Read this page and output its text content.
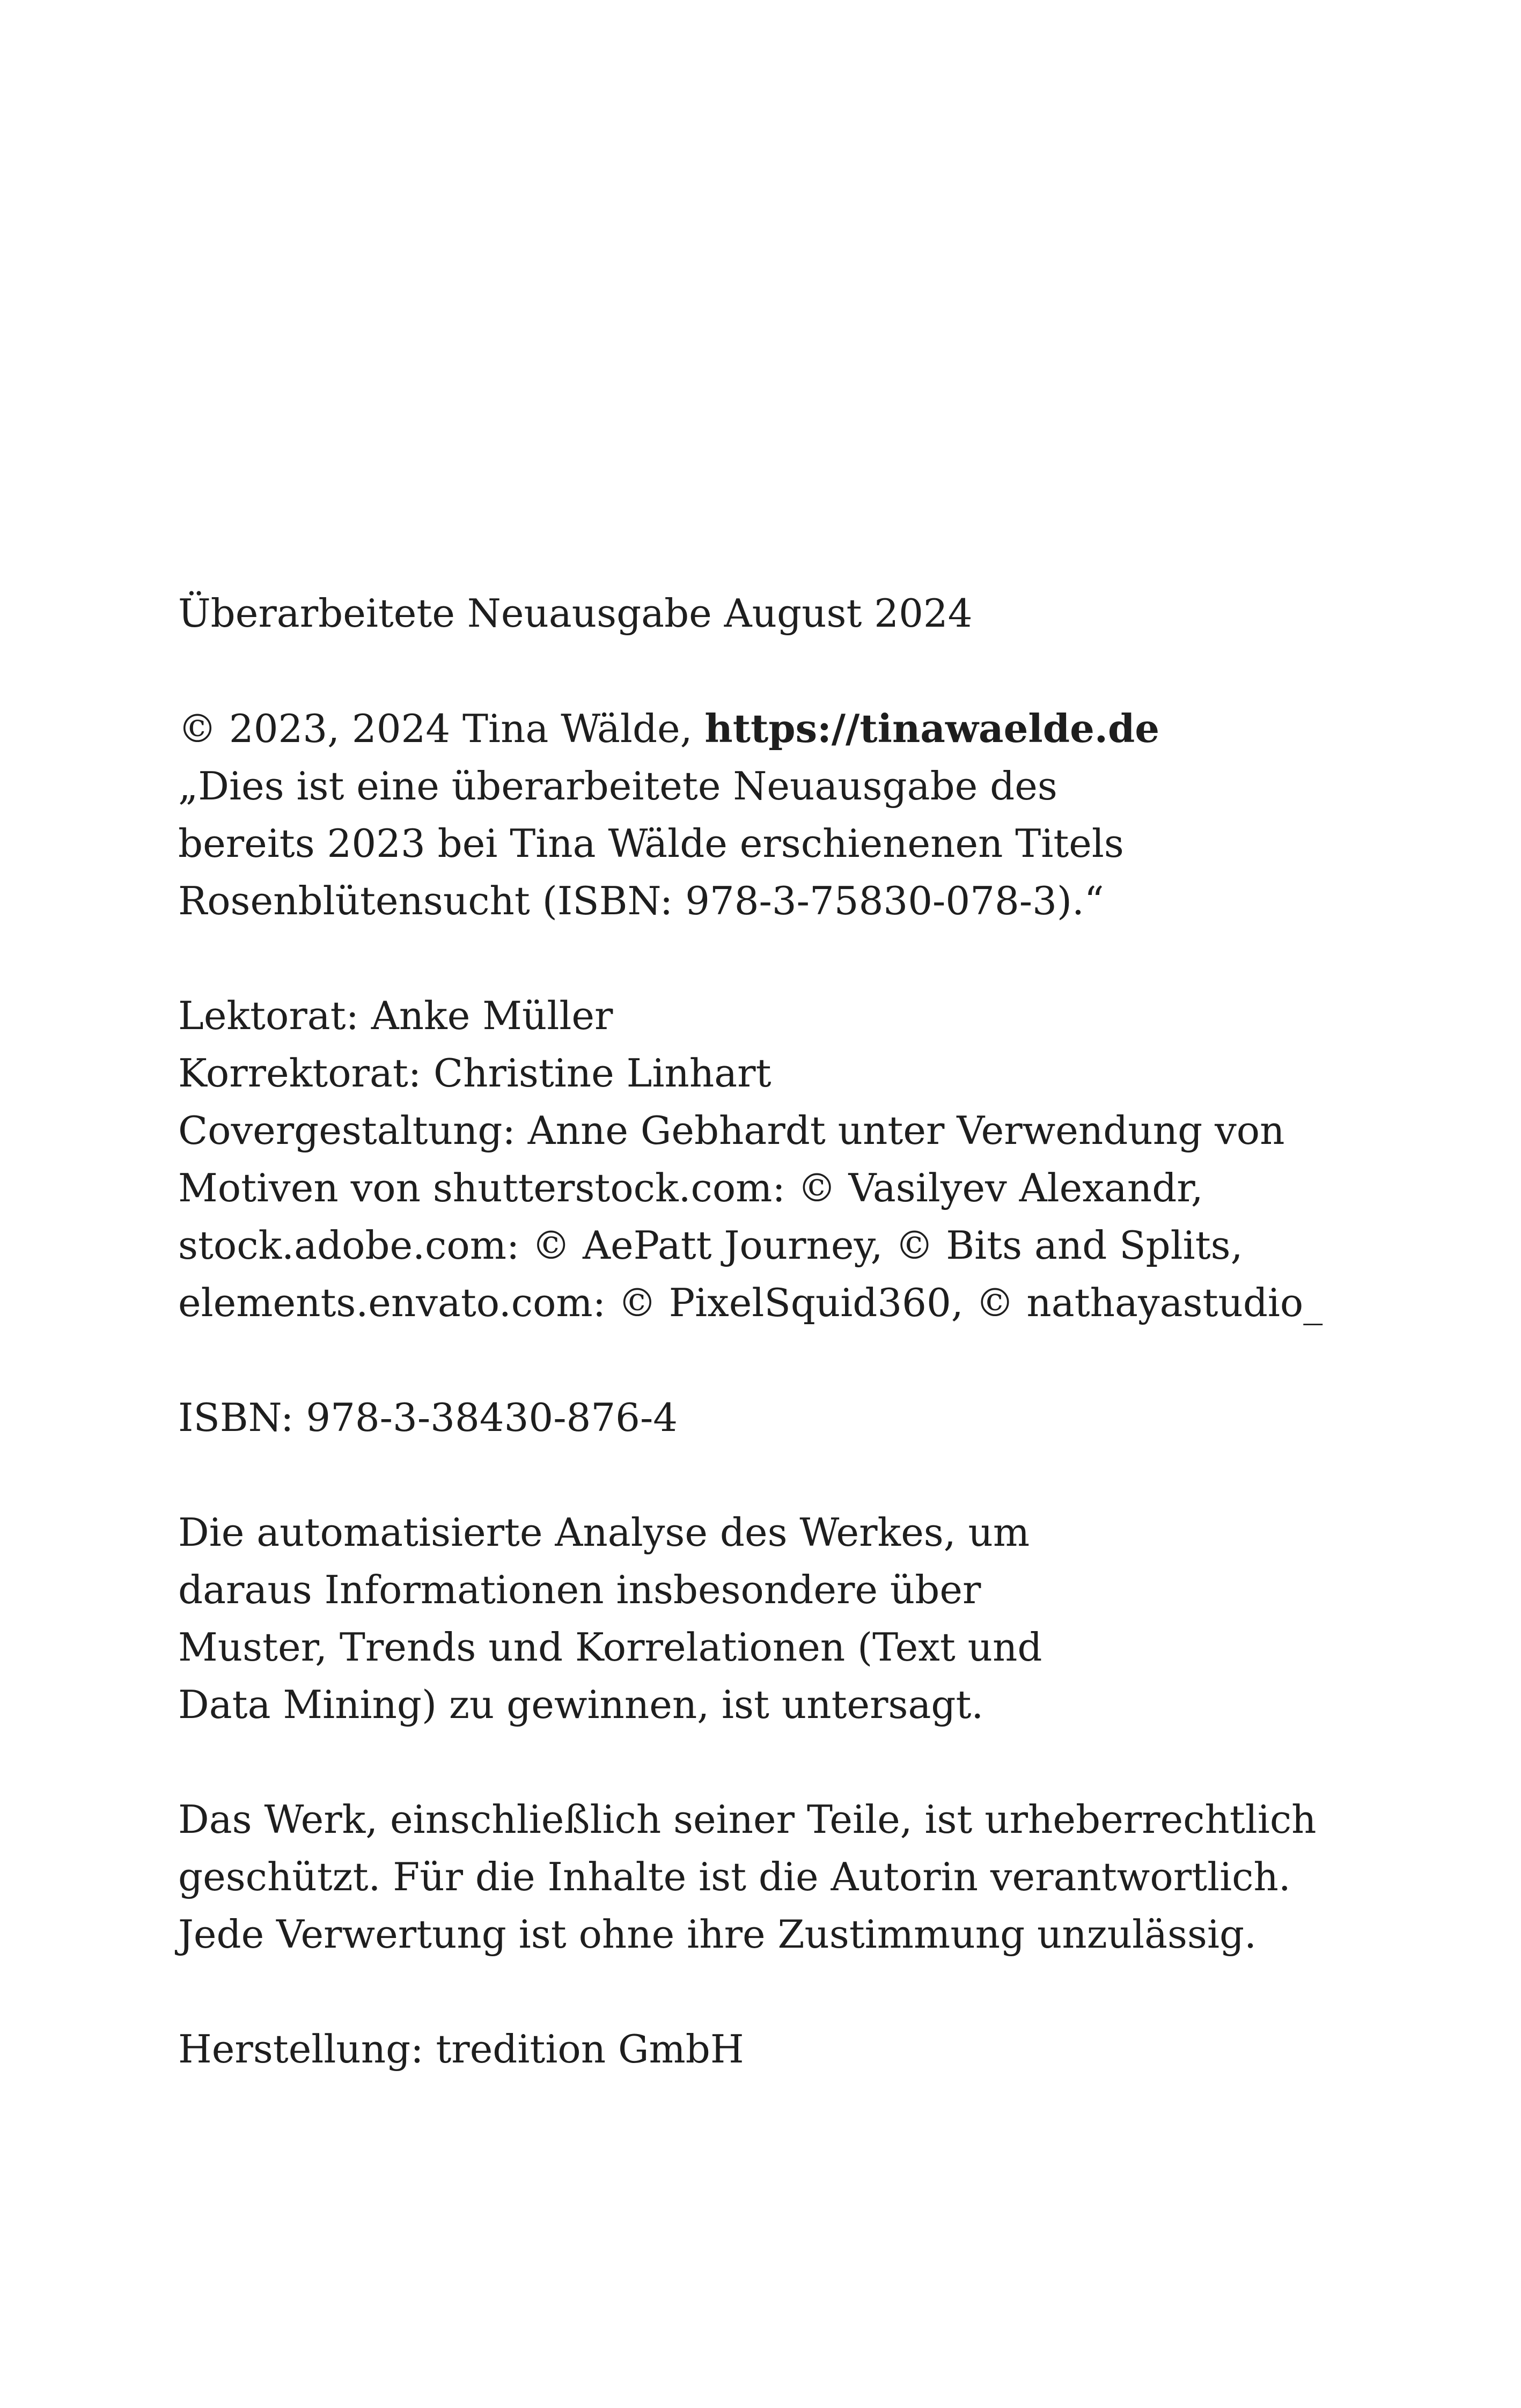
Überarbeitete Neuausgabe August 2024
© 2023, 2024 Tina Wälde, https://tinawaelde.de
„Dies ist eine überarbeitete Neuausgabe des
bereits 2023 bei Tina Wälde erschienenen Titels
Rosenblütensucht (ISBN: 978-3-75830-078-3).“
Lektorat: Anke Müller
Korrektorat: Christine Linhart
Covergestaltung: Anne Gebhardt unter Verwendung von
Motiven von shutterstock.com: © Vasilyev Alexandr,
stock.adobe.com: © AePatt Journey, © Bits and Splits,
elements.envato.com: © PixelSquid360, © nathayastudio_
ISBN: 978-3-38430-876-4
Die automatisierte Analyse des Werkes, um
daraus Informationen insbesondere über
Muster, Trends und Korrelationen (Text und
Data Mining) zu gewinnen, ist untersagt.
Das Werk, einschließlich seiner Teile, ist urheberrechtlich
geschützt. Für die Inhalte ist die Autorin verantwortlich.
Jede Verwertung ist ohne ihre Zustimmung unzulässig.
Herstellung: tredition GmbH
